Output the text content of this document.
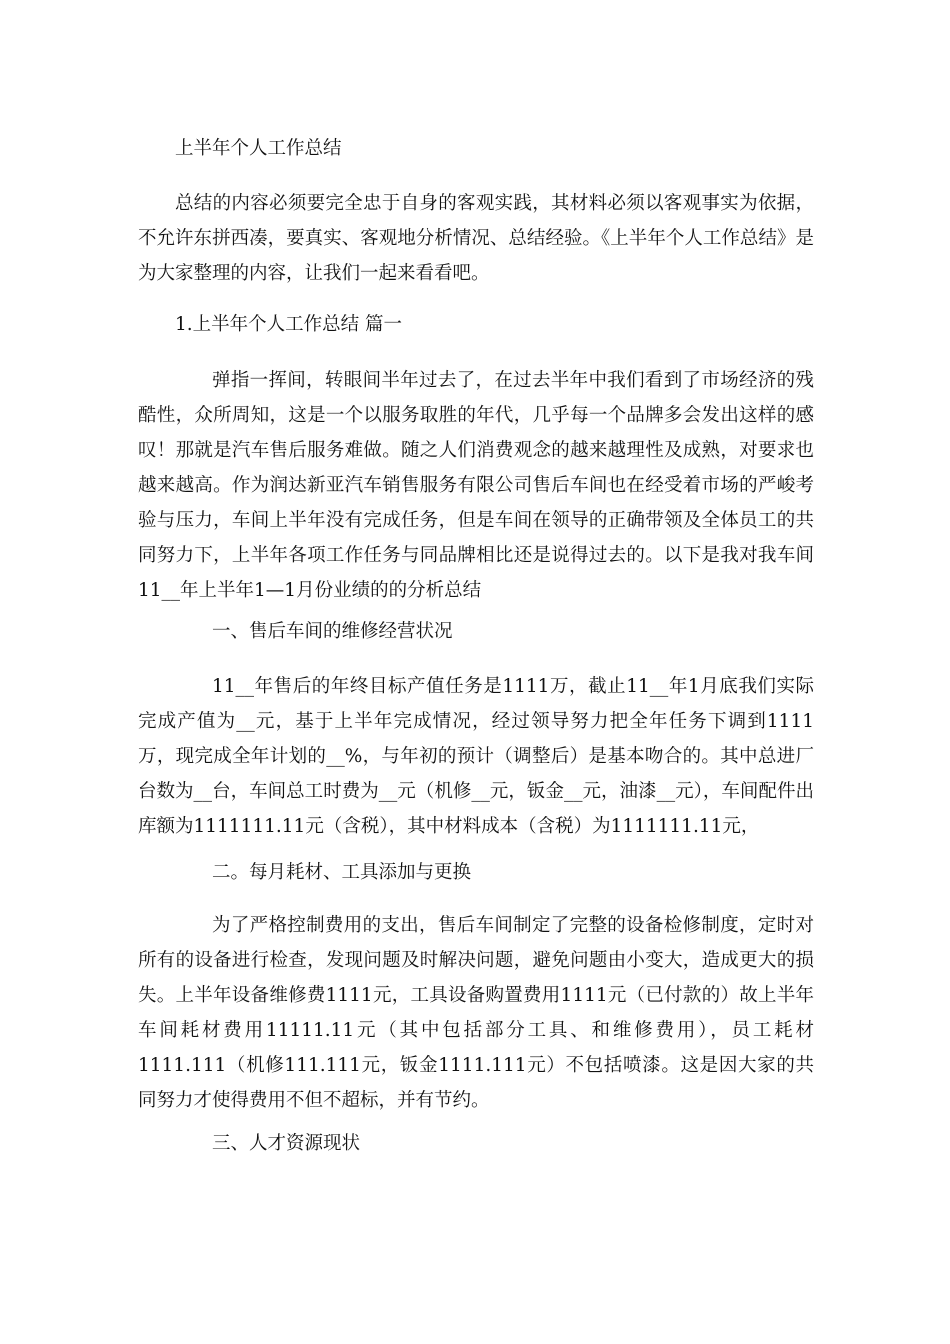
上半年个人工作总结

总结的内容必须要完全忠于自身的客观实践，其材料必须以客观事实为依据，不允许东拼西凑，要真实、客观地分析情况、总结经验。《上半年个人工作总结》是为大家整理的内容，让我们一起来看看吧。

1.上半年个人工作总结 篇一

弹指一挥间，转眼间半年过去了，在过去半年中我们看到了市场经济的残酷性，众所周知，这是一个以服务取胜的年代，几乎每一个品牌多会发出这样的感叹！那就是汽车售后服务难做。随之人们消费观念的越来越理性及成熟，对要求也越来越高。作为润达新亚汽车销售服务有限公司售后车间也在经受着市场的严峻考验与压力，车间上半年没有完成任务，但是车间在领导的正确带领及全体员工的共同努力下，上半年各项工作任务与同品牌相比还是说得过去的。以下是我对我车间11__年上半年1—1月份业绩的的分析总结

一、售后车间的维修经营状况

11__年售后的年终目标产值任务是1111万，截止11__年1月底我们实际完成产值为__元，基于上半年完成情况，经过领导努力把全年任务下调到1111万，现完成全年计划的__%，与年初的预计（调整后）是基本吻合的。其中总进厂台数为__台，车间总工时费为__元（机修__元，钣金__元，油漆__元），车间配件出库额为1111111.11元（含税），其中材料成本（含税）为1111111.11元，

二。每月耗材、工具添加与更换

为了严格控制费用的支出，售后车间制定了完整的设备检修制度，定时对所有的设备进行检查，发现问题及时解决问题，避免问题由小变大，造成更大的损失。上半年设备维修费1111元，工具设备购置费用1111元（已付款的）故上半年车间耗材费用11111.11元（其中包括部分工具、和维修费用），员工耗材1111.111（机修111.111元，钣金1111.111元）不包括喷漆。这是因大家的共同努力才使得费用不但不超标，并有节约。

三、人才资源现状
